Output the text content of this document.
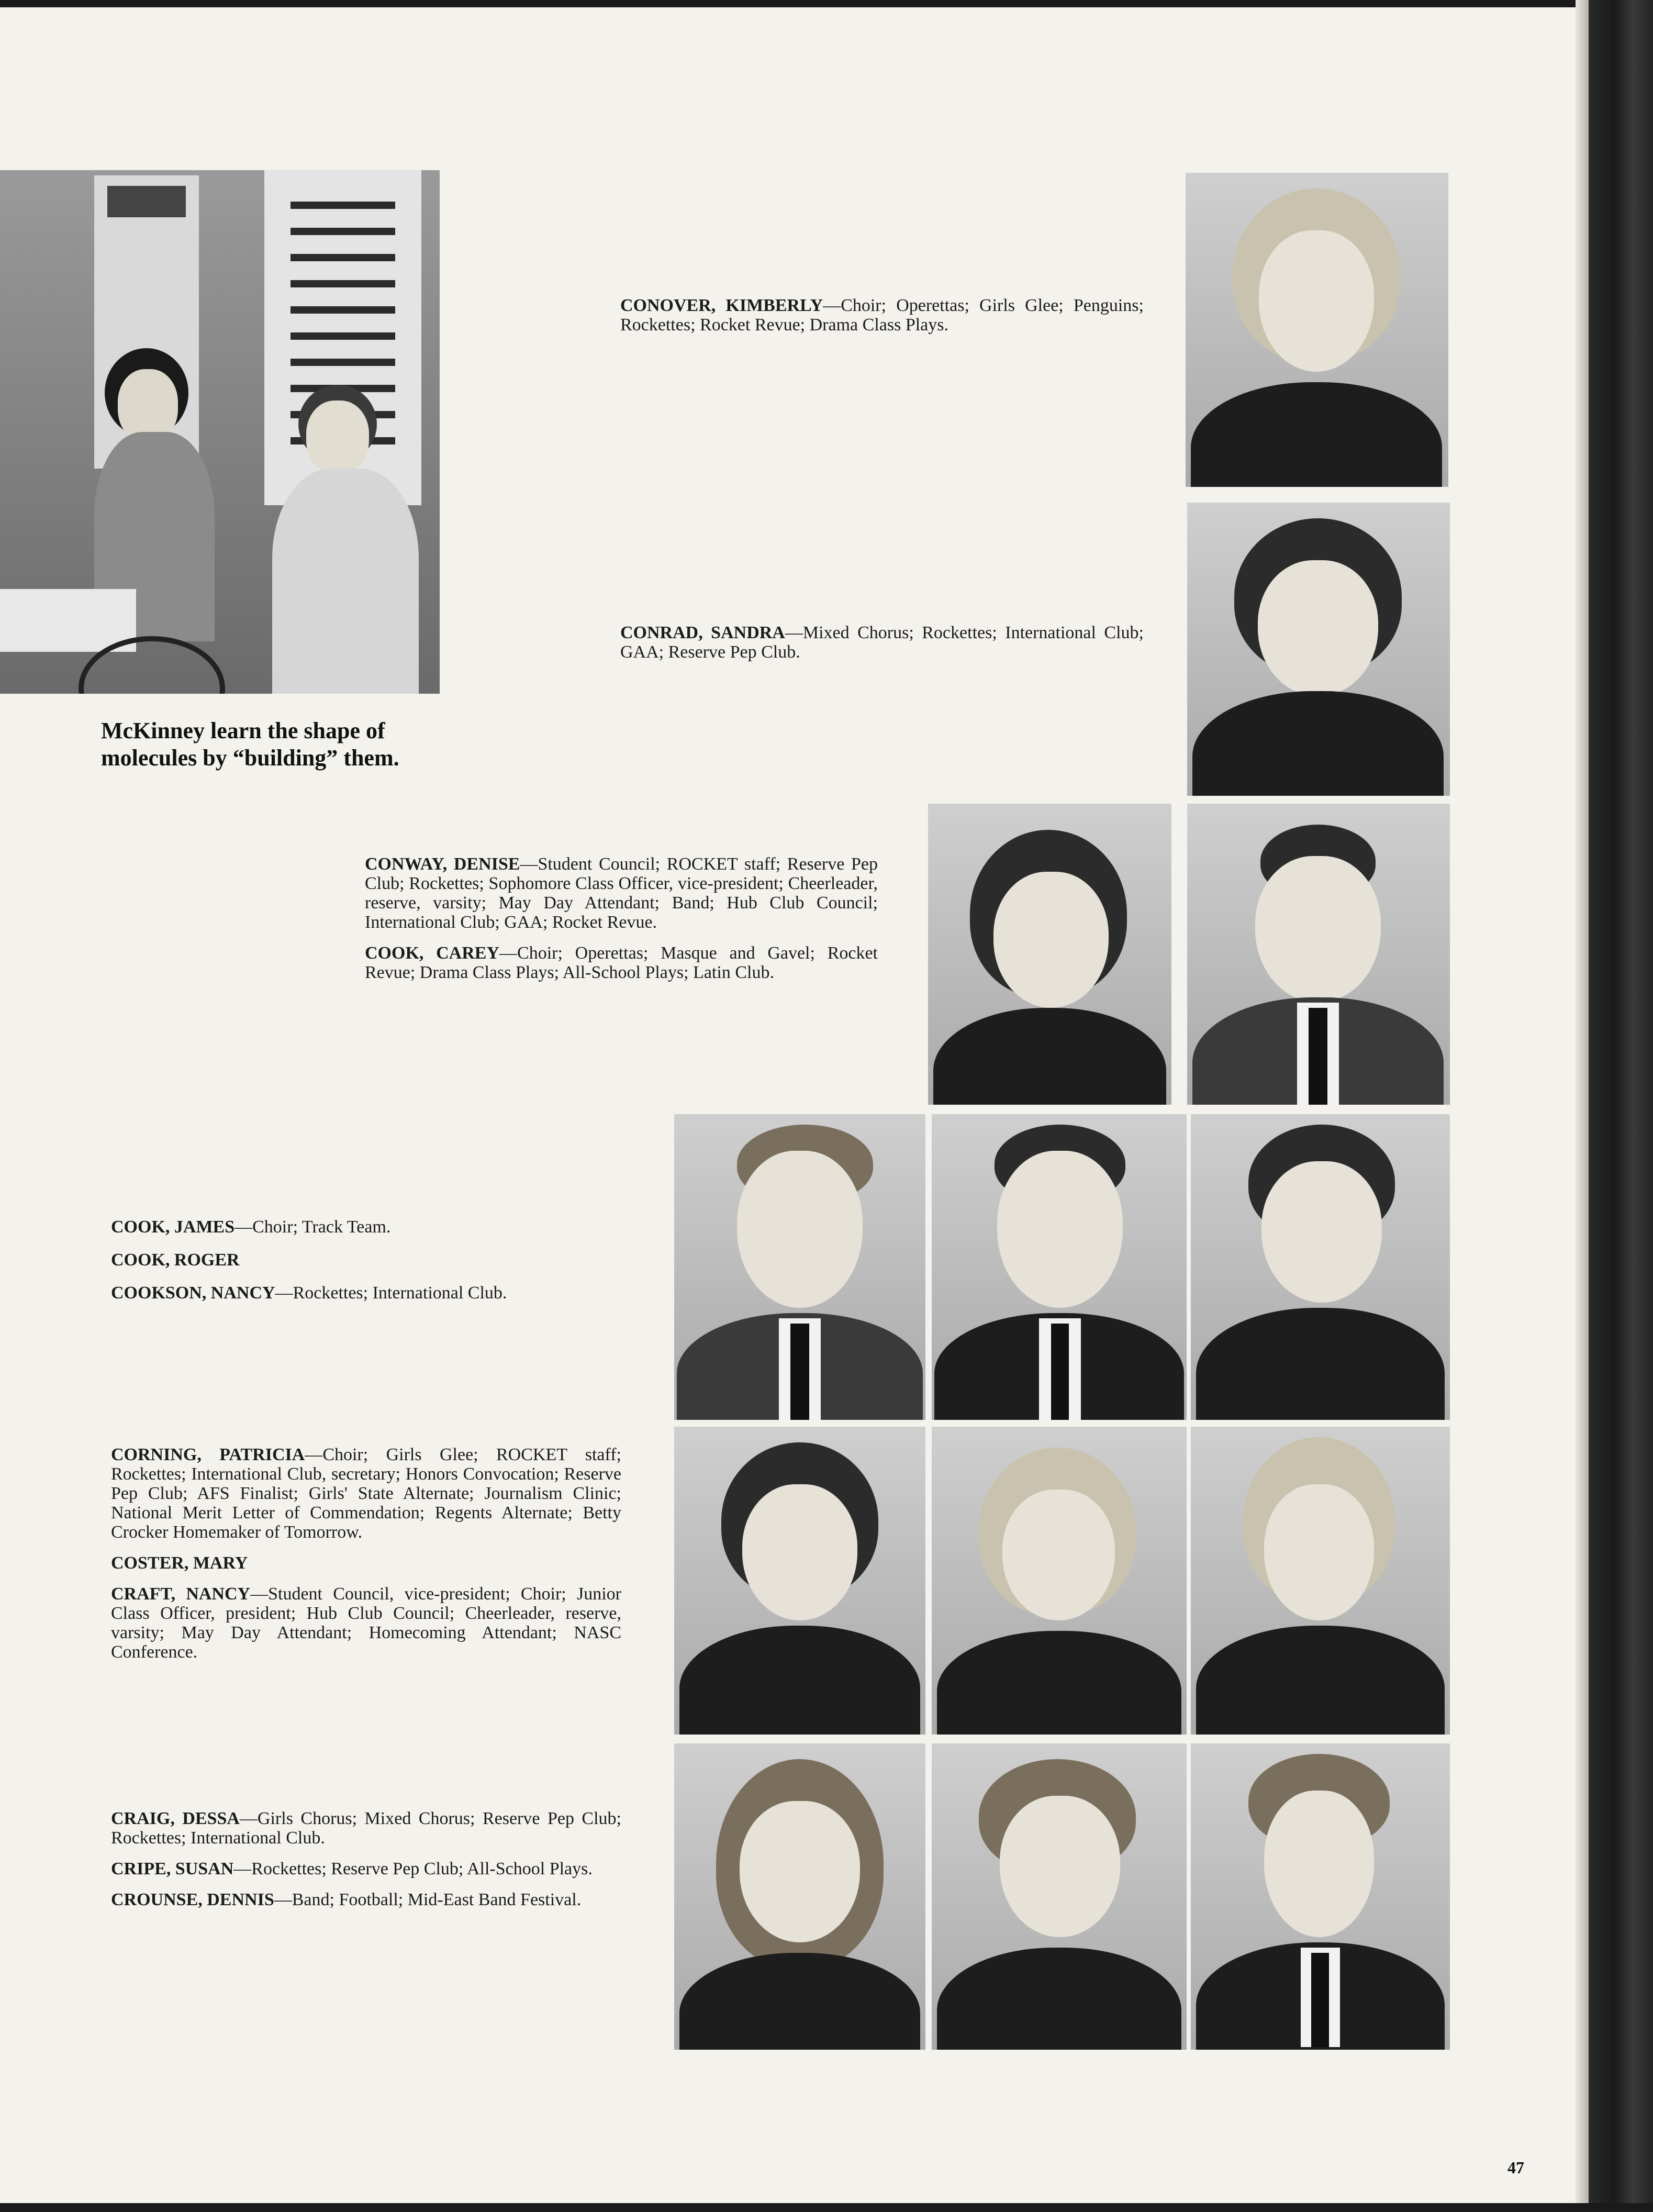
McKinney learn the shape of
molecules by “building” them.
CONOVER, KIMBERLY—Choir; Operettas; Girls Glee; Penguins; Rockettes; Rocket Revue; Drama Class Plays.
CONRAD, SANDRA—Mixed Chorus; Rockettes; International Club; GAA; Reserve Pep Club.

CONWAY, DENISE—Student Council; ROCKET staff; Reserve Pep Club; Rockettes; Sophomore Class Officer, vice-president; Cheerleader, reserve, varsity; May Day Attendant; Band; Hub Club Council; International Club; GAA; Rocket Revue.

COOK, CAREY—Choir; Operettas; Masque and Gavel; Rocket Revue; Drama Class Plays; All-School Plays; Latin Club.

COOK, JAMES—Choir; Track Team.

COOK, ROGER

COOKSON, NANCY—Rockettes; International Club.

CORNING, PATRICIA—Choir; Girls Glee; ROCKET staff; Rockettes; International Club, secretary; Honors Convocation; Reserve Pep Club; AFS Finalist; Girls' State Alternate; Journalism Clinic; National Merit Letter of Commendation; Regents Alternate; Betty Crocker Homemaker of Tomorrow.

COSTER, MARY

CRAFT, NANCY—Student Council, vice-president; Choir; Junior Class Officer, president; Hub Club Council; Cheerleader, reserve, varsity; May Day Attendant; Homecoming Attendant; NASC Conference.

CRAIG, DESSA—Girls Chorus; Mixed Chorus; Reserve Pep Club; Rockettes; International Club.

CRIPE, SUSAN—Rockettes; Reserve Pep Club; All-School Plays.

CROUNSE, DENNIS—Band; Football; Mid-East Band Festival.

47
